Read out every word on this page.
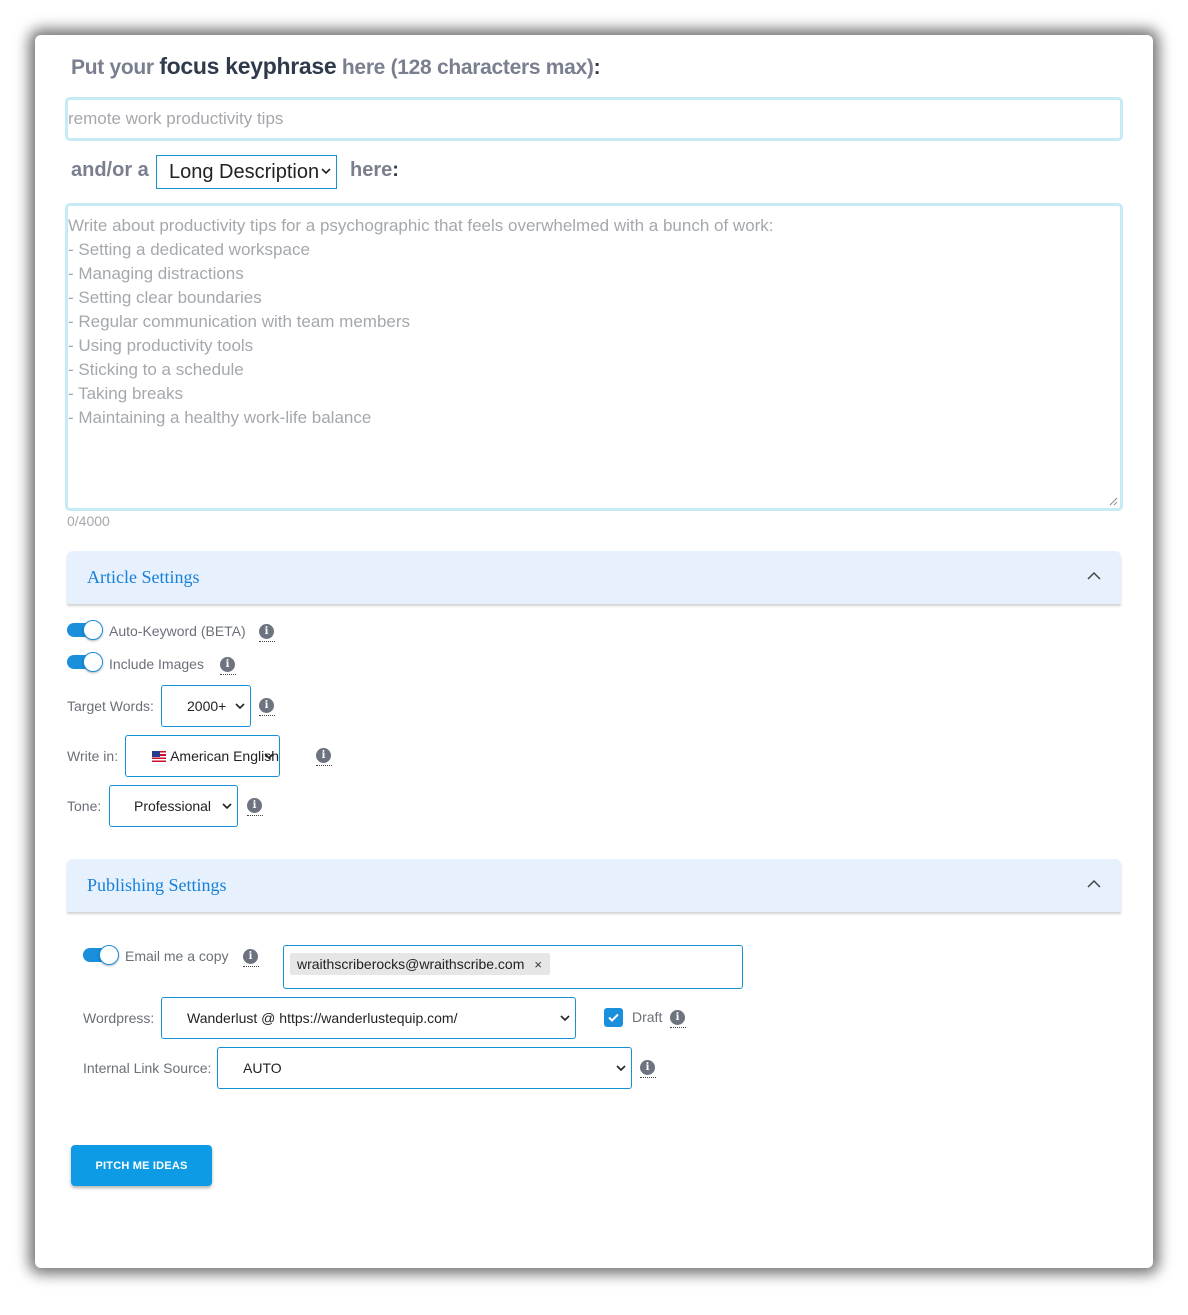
Put your focus keyphrase here (128 characters max):
remote work productivity tips
and/or a Long Description here:
Write about productivity tips for a psychographic that feels overwhelmed with a bunch of work:
- Setting a dedicated workspace
- Managing distractions
- Setting clear boundaries
- Regular communication with team members
- Using productivity tools
- Sticking to a schedule
- Taking breaks
- Maintaining a healthy work-life balance
0/4000
Article Settings
Auto-Keyword (BETA)	i
Include Images	i
Target Words: 2000+	i
Write in:	American English	i
Tone: Professional	i
Publishing Settings
Email me a copy	i	wraithscriberocks@wraithscribe.com ×
Wordpress: Wanderlust @ https://wanderlustequip.com/	Draft	i
Internal Link Source: AUTO	i
PITCH ME IDEAS
